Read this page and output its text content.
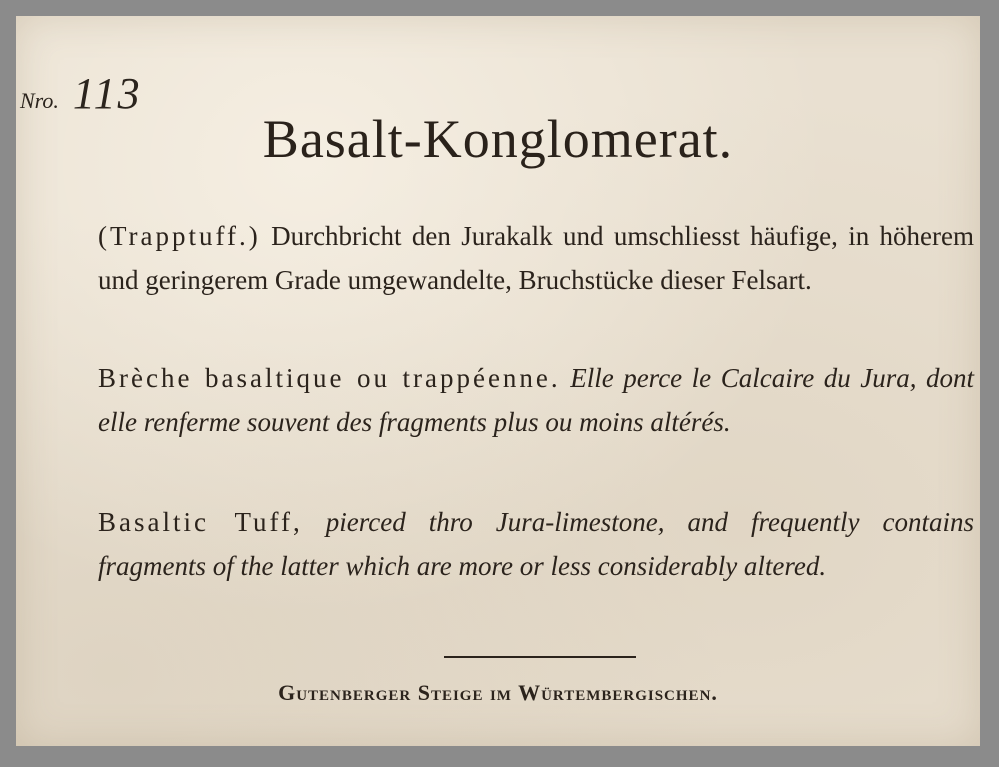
Nro. 113
Basalt-Konglomerat.
(Trapptuff.) Durchbricht den Jurakalk und umschliesst häufige, in höherem und geringerem Grade umgewandelte, Bruchstücke dieser Felsart.
Brèche basaltique ou trappéenne. Elle perce le Calcaire du Jura, dont elle renferme souvent des fragments plus ou moins altérés.
Basaltic Tuff, pierced thro Jura-limestone, and frequently contains fragments of the latter which are more or less considerably altered.
Gutenberger Steige im Würtembergischen.
